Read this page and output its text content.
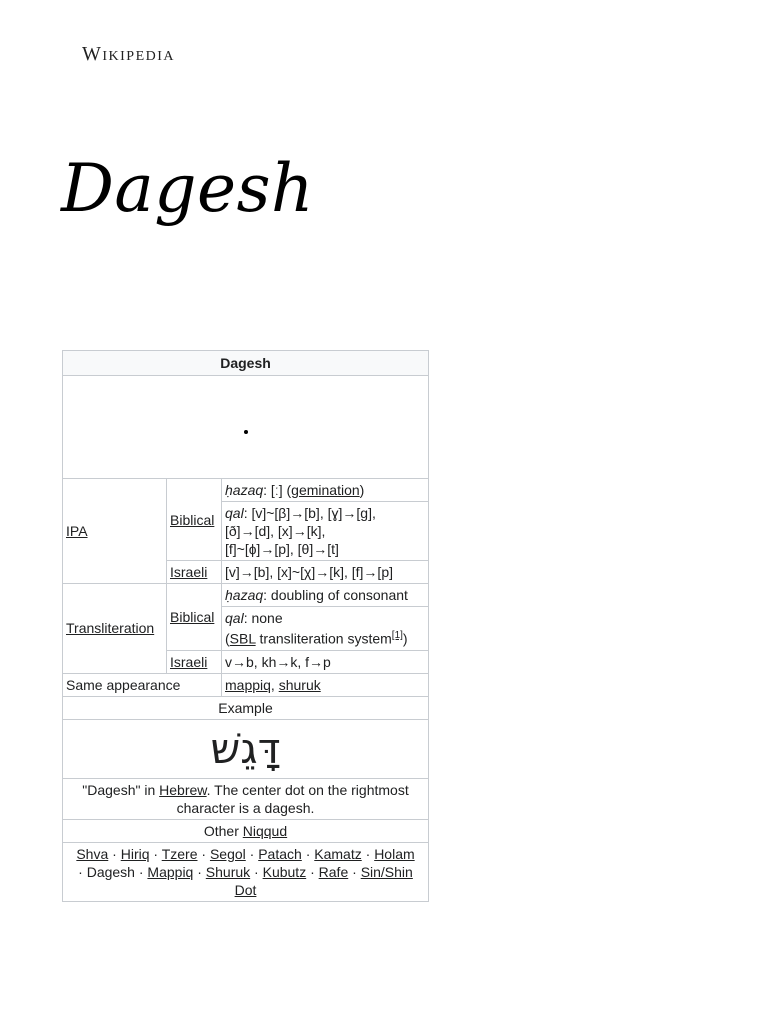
Wikipedia
Dagesh
Dagesh		

IPA	Biblical	ḥazaq: [ː] (gemination)
		qal: [v]~[β]→[b], [ɣ]→[ɡ],
[ð]→[d], [x]→[k],
[f]~[ɸ]→[p], [θ]→[t]
	Israeli	[v]→[b], [x]~[χ]→[k], [f]→[p]
Transliteration	Biblical	ḥazaq: doubling of consonant
		qal: none
(SBL transliteration system[1])
	Israeli	v→b, kh→k, f→p
Same appearance		mappiq, shuruk
Example		
דָּגֵשׁ		
"Dagesh" in Hebrew. The center dot on the rightmost character is a dagesh.		
Other Niqqud		
Shva · Hiriq · Tzere · Segol · Patach · Kamatz · Holam · Dagesh · Mappiq · Shuruk · Kubutz · Rafe · Sin/Shin Dot		
